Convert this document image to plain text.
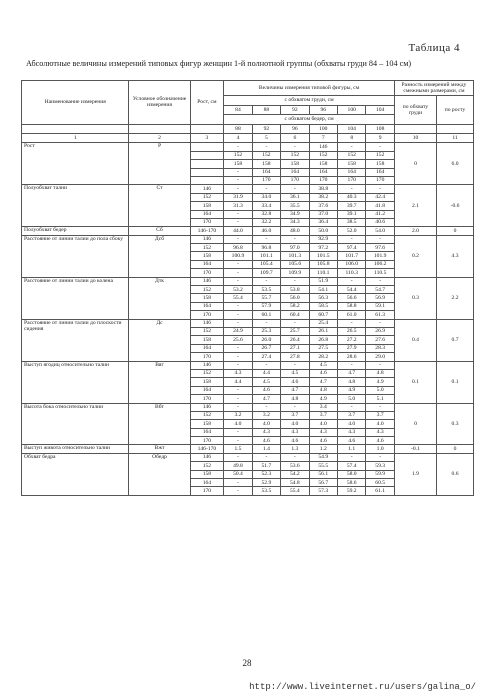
Таблица 4
Абсолютные величины измерений типовых фигур женщин 1-й полнотной группы (обхваты груди 84 – 104 см)
Наименование измерения	Условное обозначение измерения	Рост, см	Величины измерения типовой фигуры, см						Разность измерений между смежными размерами, см	
			с обхватом груди, см						по обхвату груди	по росту
			84	88	92	96	100	104		
			с обхватом бедер, см							
			88	92	96	100	104	108		
1	2	3	4	5	6	7	8	9	10	11
Рост	Р		-	-	-	146	-	-	0	6.0
			152	152	152	152	152	152		
			158	158	158	158	158	158		
			-	164	164	164	164	164		
			-	170	170	170	170	170		
Полуобхват талии	Ст	146	-	-	-	38.8	-	-	2.1	-0.6
		152	31.9	34.0	36.1	38.2	40.3	42.4		
		158	31.3	33.4	35.5	37.6	39.7	41.8		
		164	-	32.8	34.9	37.0	39.1	41.2		
		170	-	32.2	34.3	36.4	38.5	40.6		
Полуобхват бедер	Сб	146-170	44.0	46.0	48.0	50.0	52.0	54.0	2.0	0
Расстояние от линии талии до пола сбоку	Дсб	146	-	-	-	92.9	-	-	0.2	4.3
		152	96.8	96.8	97.0	97.2	97.4	97.6		
		158	100.9	101.1	101.3	101.5	101.7	101.9		
		164	-	105.4	105.6	105.8	106.0	106.2		
		170	-	109.7	109.9	110.1	110.3	110.5		
Расстояние от линии талии до колена	Дтк	146	-	-	-	51.9	-	-	0.3	2.2
		152	53.2	53.5	53.8	54.1	54.4	54.7		
		158	55.4	55.7	56.0	56.3	56.6	56.9		
		164	-	57.9	58.2	58.5	58.8	59.1		
		170	-	60.1	60.4	60.7	61.0	61.3		
Расстояние от линии талии до плоскости сидения	Дс	146	-	-	-	25.4	-	-	0.4	0.7
		152	24.9	25.3	25.7	26.1	26.5	26.9		
		158	25.6	26.0	26.4	26.8	27.2	27.6		
		164	-	26.7	27.1	27.5	27.9	28.3		
		170	-	27.4	27.8	28.2	28.6	29.0		
Выступ ягодиц относительно талии	Вяг	146	-	-	-	4.5	-	-	0.1	0.1
		152	4.3	4.4	4.5	4.6	4.7	4.8		
		158	4.4	4.5	4.6	4.7	4.8	4.9		
		164	-	4.6	4.7	4.8	4.9	5.0		
		170	-	4.7	4.8	4.9	5.0	5.1		
Высота бока относительно талии	Вбт	146	-	-	-	3.4	-	-	0	0.3
		152	3.2	3.2	3.7	3.7	3.7	3.7		
		158	4.0	4.0	4.0	4.0	4.0	4.0		
		164	-	4.3	4.3	4.3	4.3	4.3		
		170	-	4.6	4.6	4.6	4.6	4.6		
Выступ живота относительно талии	Вжт	146-170	1.5	1.4	1.3	1.2	1.1	1.0	-0.1	0
Обхват бедра	Обедр	146	-	-	-	54.9	-	-	1.9	0.6
		152	49.8	51.7	53.6	55.5	57.4	59.3		
		158	50.4	52.3	54.2	56.1	58.0	59.9		
		164	-	52.9	54.8	56.7	58.6	60.5		
		170	-	53.5	55.4	57.3	59.2	61.1		
28
http://www.liveinternet.ru/users/galina_o/
